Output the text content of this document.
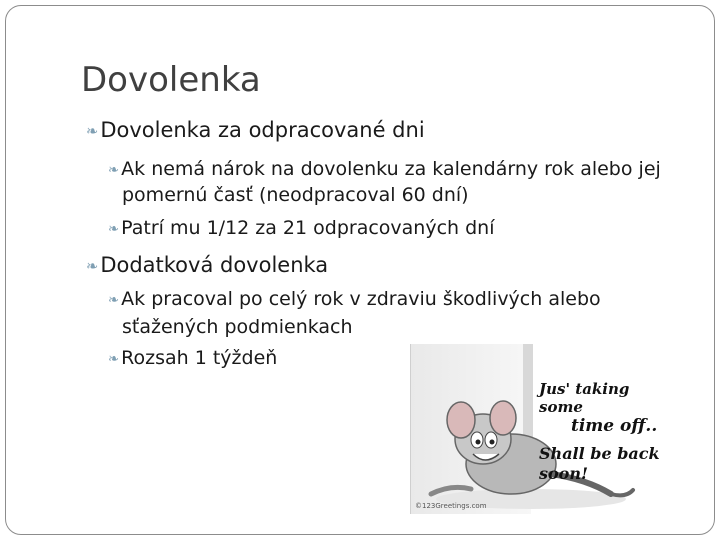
Dovolenka
❧Dovolenka za odpracované dni
❧ Ak nemá nárok na dovolenku za kalendárny rok alebo jej
pomernú časť (neodpracoval 60 dní)
❧ Patrí mu 1/12 za 21 odpracovaných dní
❧Dodatková dovolenka
❧ Ak pracoval po celý rok v zdraviu škodlivých alebo
sťažených podmienkach
❧ Rozsah 1 týždeň
Jus' taking some
time off..
Shall be back soon!
©123Greetings.com
